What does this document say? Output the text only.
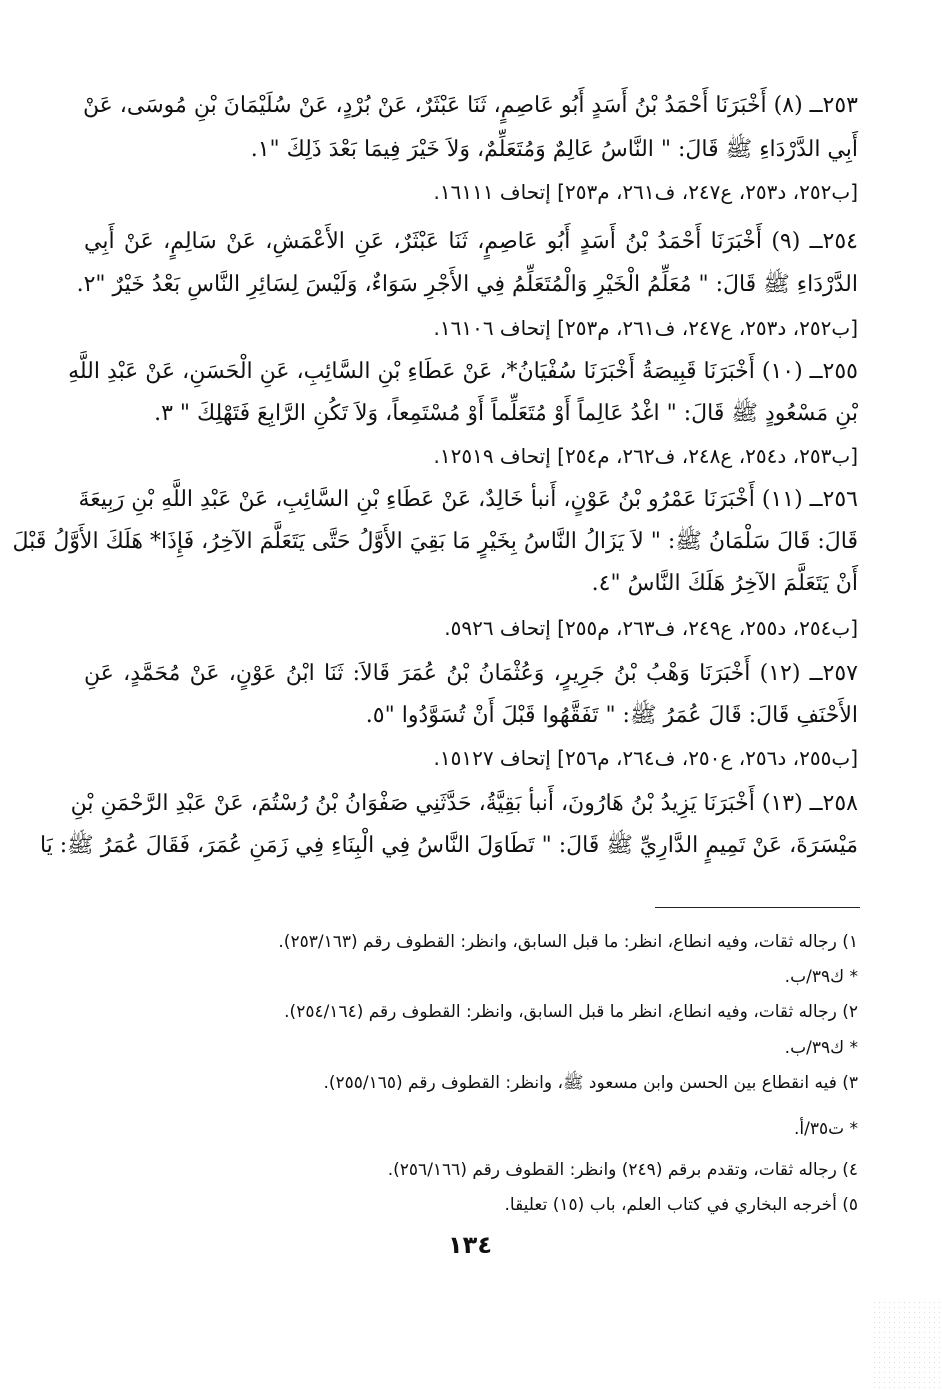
٢٥٣ــ (٨) أَخْبَرَنَا أَحْمَدُ بْنُ أَسَدٍ أَبُو عَاصِمٍ، ثَنَا عَبْثَرٌ، عَنْ بُرْدٍ، عَنْ سُلَيْمَانَ بْنِ مُوسَى، عَنْ
أَبِي الدَّرْدَاءِ ﷺ قَالَ: " النَّاسُ عَالِمٌ وَمُتَعَلِّمٌ، وَلاَ خَيْرَ فِيمَا بَعْدَ ذَلِكَ "١.
[ب٢٥٢، د٢٥٣، ع٢٤٧، ف٢٦١، م٢٥٣] إتحاف ١٦١١١.
٢٥٤ــ (٩) أَخْبَرَنَا أَحْمَدُ بْنُ أَسَدٍ أَبُو عَاصِمٍ، ثَنَا عَبْثَرٌ، عَنِ الأَعْمَشِ، عَنْ سَالِمٍ، عَنْ أَبِي
الدَّرْدَاءِ ﷺ قَالَ: " مُعَلِّمُ الْخَيْرِ وَالْمُتَعَلِّمُ فِي الأَجْرِ سَوَاءٌ، وَلَيْسَ لِسَائِرِ النَّاسِ بَعْدُ خَيْرٌ "٢.
[ب٢٥٢، د٢٥٣، ع٢٤٧، ف٢٦١، م٢٥٣] إتحاف ١٦١٠٦.
٢٥٥ــ (١٠) أَخْبَرَنَا قَبِيصَةُ أَخْبَرَنَا سُفْيَانُ*، عَنْ عَطَاءِ بْنِ السَّائِبِ، عَنِ الْحَسَنِ، عَنْ عَبْدِ اللَّهِ
بْنِ مَسْعُودٍ ﷺ قَالَ: " اغْدُ عَالِماً أَوْ مُتَعَلِّماً أَوْ مُسْتَمِعاً، وَلاَ تَكُنِ الرَّابِعَ فَتَهْلِكَ " ٣.
[ب٢٥٣، د٢٥٤، ع٢٤٨، ف٢٦٢، م٢٥٤] إتحاف ١٢٥١٩.
٢٥٦ــ (١١) أَخْبَرَنَا عَمْرُو بْنُ عَوْنٍ، أَنبأ خَالِدٌ، عَنْ عَطَاءِ بْنِ السَّائِبِ، عَنْ عَبْدِ اللَّهِ بْنِ رَبِيعَةَ
قَالَ: قَالَ سَلْمَانُ ﷺ: " لاَ يَزَالُ النَّاسُ بِخَيْرٍ مَا بَقِيَ الأَوَّلُ حَتَّى يَتَعَلَّمَ الآخِرُ، فَإِذَا* هَلَكَ الأَوَّلُ قَبْلَ
أَنْ يَتَعَلَّمَ الآخِرُ هَلَكَ النَّاسُ "٤.
[ب٢٥٤، د٢٥٥، ع٢٤٩، ف٢٦٣، م٢٥٥] إتحاف ٥٩٢٦.
٢٥٧ــ (١٢) أَخْبَرَنَا وَهْبُ بْنُ جَرِيرٍ، وَعُثْمَانُ بْنُ عُمَرَ قَالاَ: ثَنَا ابْنُ عَوْنٍ، عَنْ مُحَمَّدٍ، عَنِ
الأَحْنَفِ قَالَ: قَالَ عُمَرُ ﷺ: " تَفَقَّهُوا قَبْلَ أَنْ تُسَوَّدُوا "٥.
[ب٢٥٥، د٢٥٦، ع٢٥٠، ف٢٦٤، م٢٥٦] إتحاف ١٥١٢٧.
٢٥٨ــ (١٣) أَخْبَرَنَا يَزِيدُ بْنُ هَارُونَ، أَنبأ بَقِيَّةُ، حَدَّثَنِي صَفْوَانُ بْنُ رُسْتُمَ، عَنْ عَبْدِ الرَّحْمَنِ بْنِ
مَيْسَرَةَ، عَنْ تَمِيمٍ الدَّارِيِّ ﷺ قَالَ: " تَطَاوَلَ النَّاسُ فِي الْبِنَاءِ فِي زَمَنِ عُمَرَ، فَقَالَ عُمَرُ ﷺ: يَا
١) رجاله ثقات، وفيه انطاع، انظر: ما قبل السابق، وانظر: القطوف رقم (٢٥٣/١٦٣).
* ك٣٩/ب.
٢) رجاله ثقات، وفيه انطاع، انظر ما قبل السابق، وانظر: القطوف رقم (٢٥٤/١٦٤).
* ك٣٩/ب.
٣) فيه انقطاع بين الحسن وابن مسعود ﷺ، وانظر: القطوف رقم (٢٥٥/١٦٥).
* ت٣٥/أ.
٤) رجاله ثقات، وتقدم برقم (٢٤٩) وانظر: القطوف رقم (٢٥٦/١٦٦).
٥) أخرجه البخاري في كتاب العلم، باب (١٥) تعليقا.
١٣٤
